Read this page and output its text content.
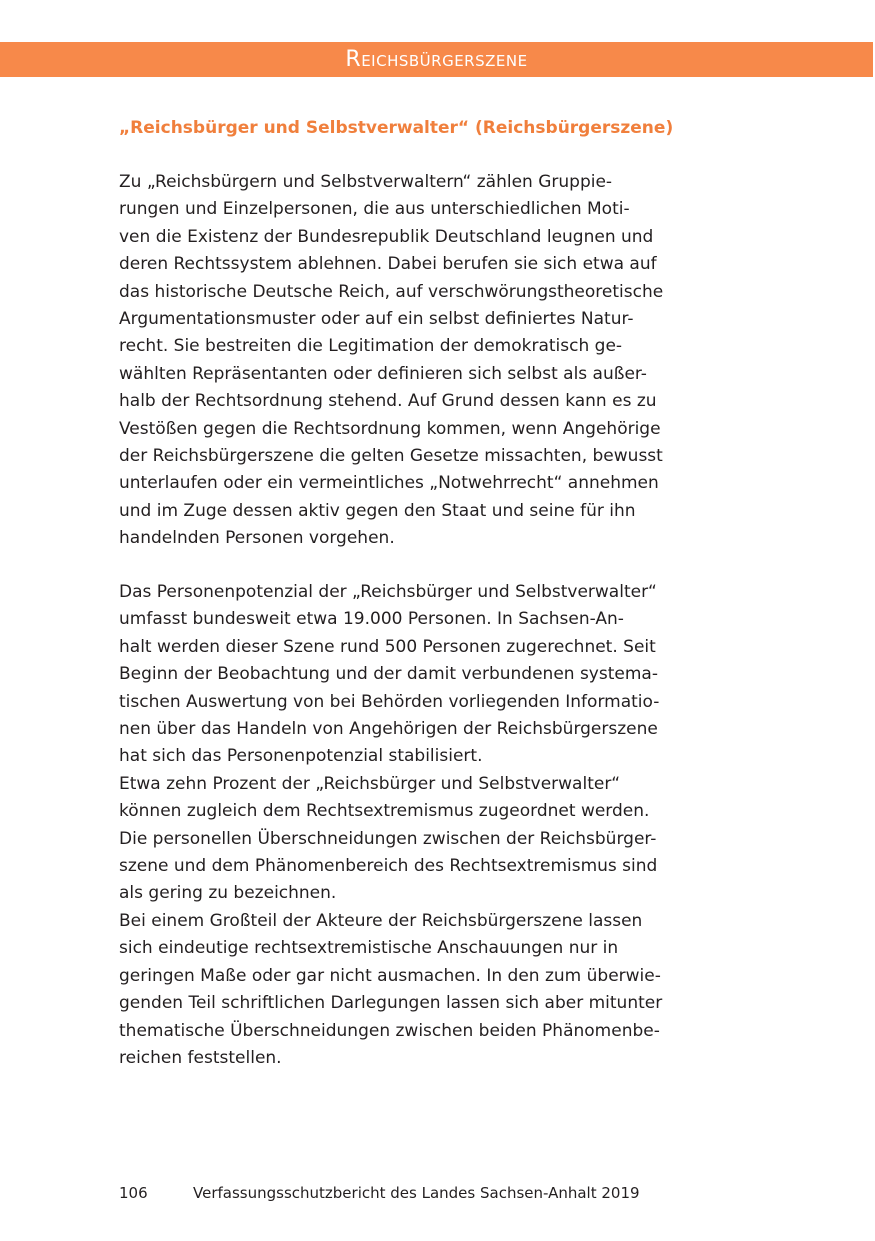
Reichsbürgerszene
„Reichsbürger und Selbstverwalter“ (Reichsbürgerszene)
Zu „Reichsbürgern und Selbstverwaltern“ zählen Gruppie-
rungen und Einzelpersonen, die aus unterschiedlichen Moti-
ven die Existenz der Bundesrepublik Deutschland leugnen und
deren Rechtssystem ablehnen. Dabei berufen sie sich etwa auf
das historische Deutsche Reich, auf verschwörungstheoretische
Argumentationsmuster oder auf ein selbst definiertes Natur-
recht. Sie bestreiten die Legitimation der demokratisch ge-
wählten Repräsentanten oder definieren sich selbst als außer-
halb der Rechtsordnung stehend. Auf Grund dessen kann es zu
Vestößen gegen die Rechtsordnung kommen, wenn Angehörige
der Reichsbürgerszene die gelten Gesetze missachten, bewusst
unterlaufen oder ein vermeintliches „Notwehrrecht“ annehmen
und im Zuge dessen aktiv gegen den Staat und seine für ihn
handelnden Personen vorgehen.
Das Personenpotenzial der „Reichsbürger und Selbstverwalter“
umfasst bundesweit etwa 19.000 Personen. In Sachsen-An-
halt werden dieser Szene rund 500 Personen zugerechnet. Seit
Beginn der Beobachtung und der damit verbundenen systema-
tischen Auswertung von bei Behörden vorliegenden Informatio-
nen über das Handeln von Angehörigen der Reichsbürgerszene
hat sich das Personenpotenzial stabilisiert.
Etwa zehn Prozent der „Reichsbürger und Selbstverwalter“
können zugleich dem Rechtsextremismus zugeordnet werden.
Die personellen Überschneidungen zwischen der Reichsbürger-
szene und dem Phänomenbereich des Rechtsextremismus sind
als gering zu bezeichnen.
Bei einem Großteil der Akteure der Reichsbürgerszene lassen
sich eindeutige rechtsextremistische Anschauungen nur in
geringen Maße oder gar nicht ausmachen. In den zum überwie-
genden Teil schriftlichen Darlegungen lassen sich aber mitunter
thematische Überschneidungen zwischen beiden Phänomenbe-
reichen feststellen.
106	Verfassungsschutzbericht des Landes Sachsen-Anhalt 2019
